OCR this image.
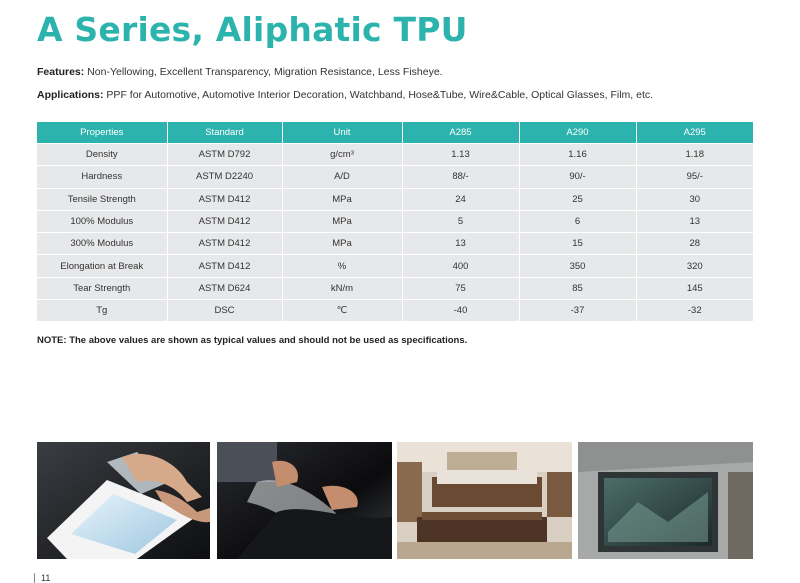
A Series, Aliphatic TPU
Features: Non-Yellowing, Excellent Transparency, Migration Resistance, Less Fisheye.
Applications: PPF for Automotive, Automotive Interior Decoration, Watchband, Hose&Tube, Wire&Cable, Optical Glasses, Film, etc.
Properties	Standard	Unit	A285	A290	A295
Density	ASTM D792	g/cm³	1.13	1.16	1.18
Hardness	ASTM D2240	A/D	88/-	90/-	95/-
Tensile Strength	ASTM D412	MPa	24	25	30
100% Modulus	ASTM D412	MPa	5	6	13
300% Modulus	ASTM D412	MPa	13	15	28
Elongation at Break	ASTM D412	%	400	350	320
Tear Strength	ASTM D624	kN/m	75	85	145
Tg	DSC	℃	-40	-37	-32
NOTE: The above values are shown as typical values and should not be used as specifications.
11
